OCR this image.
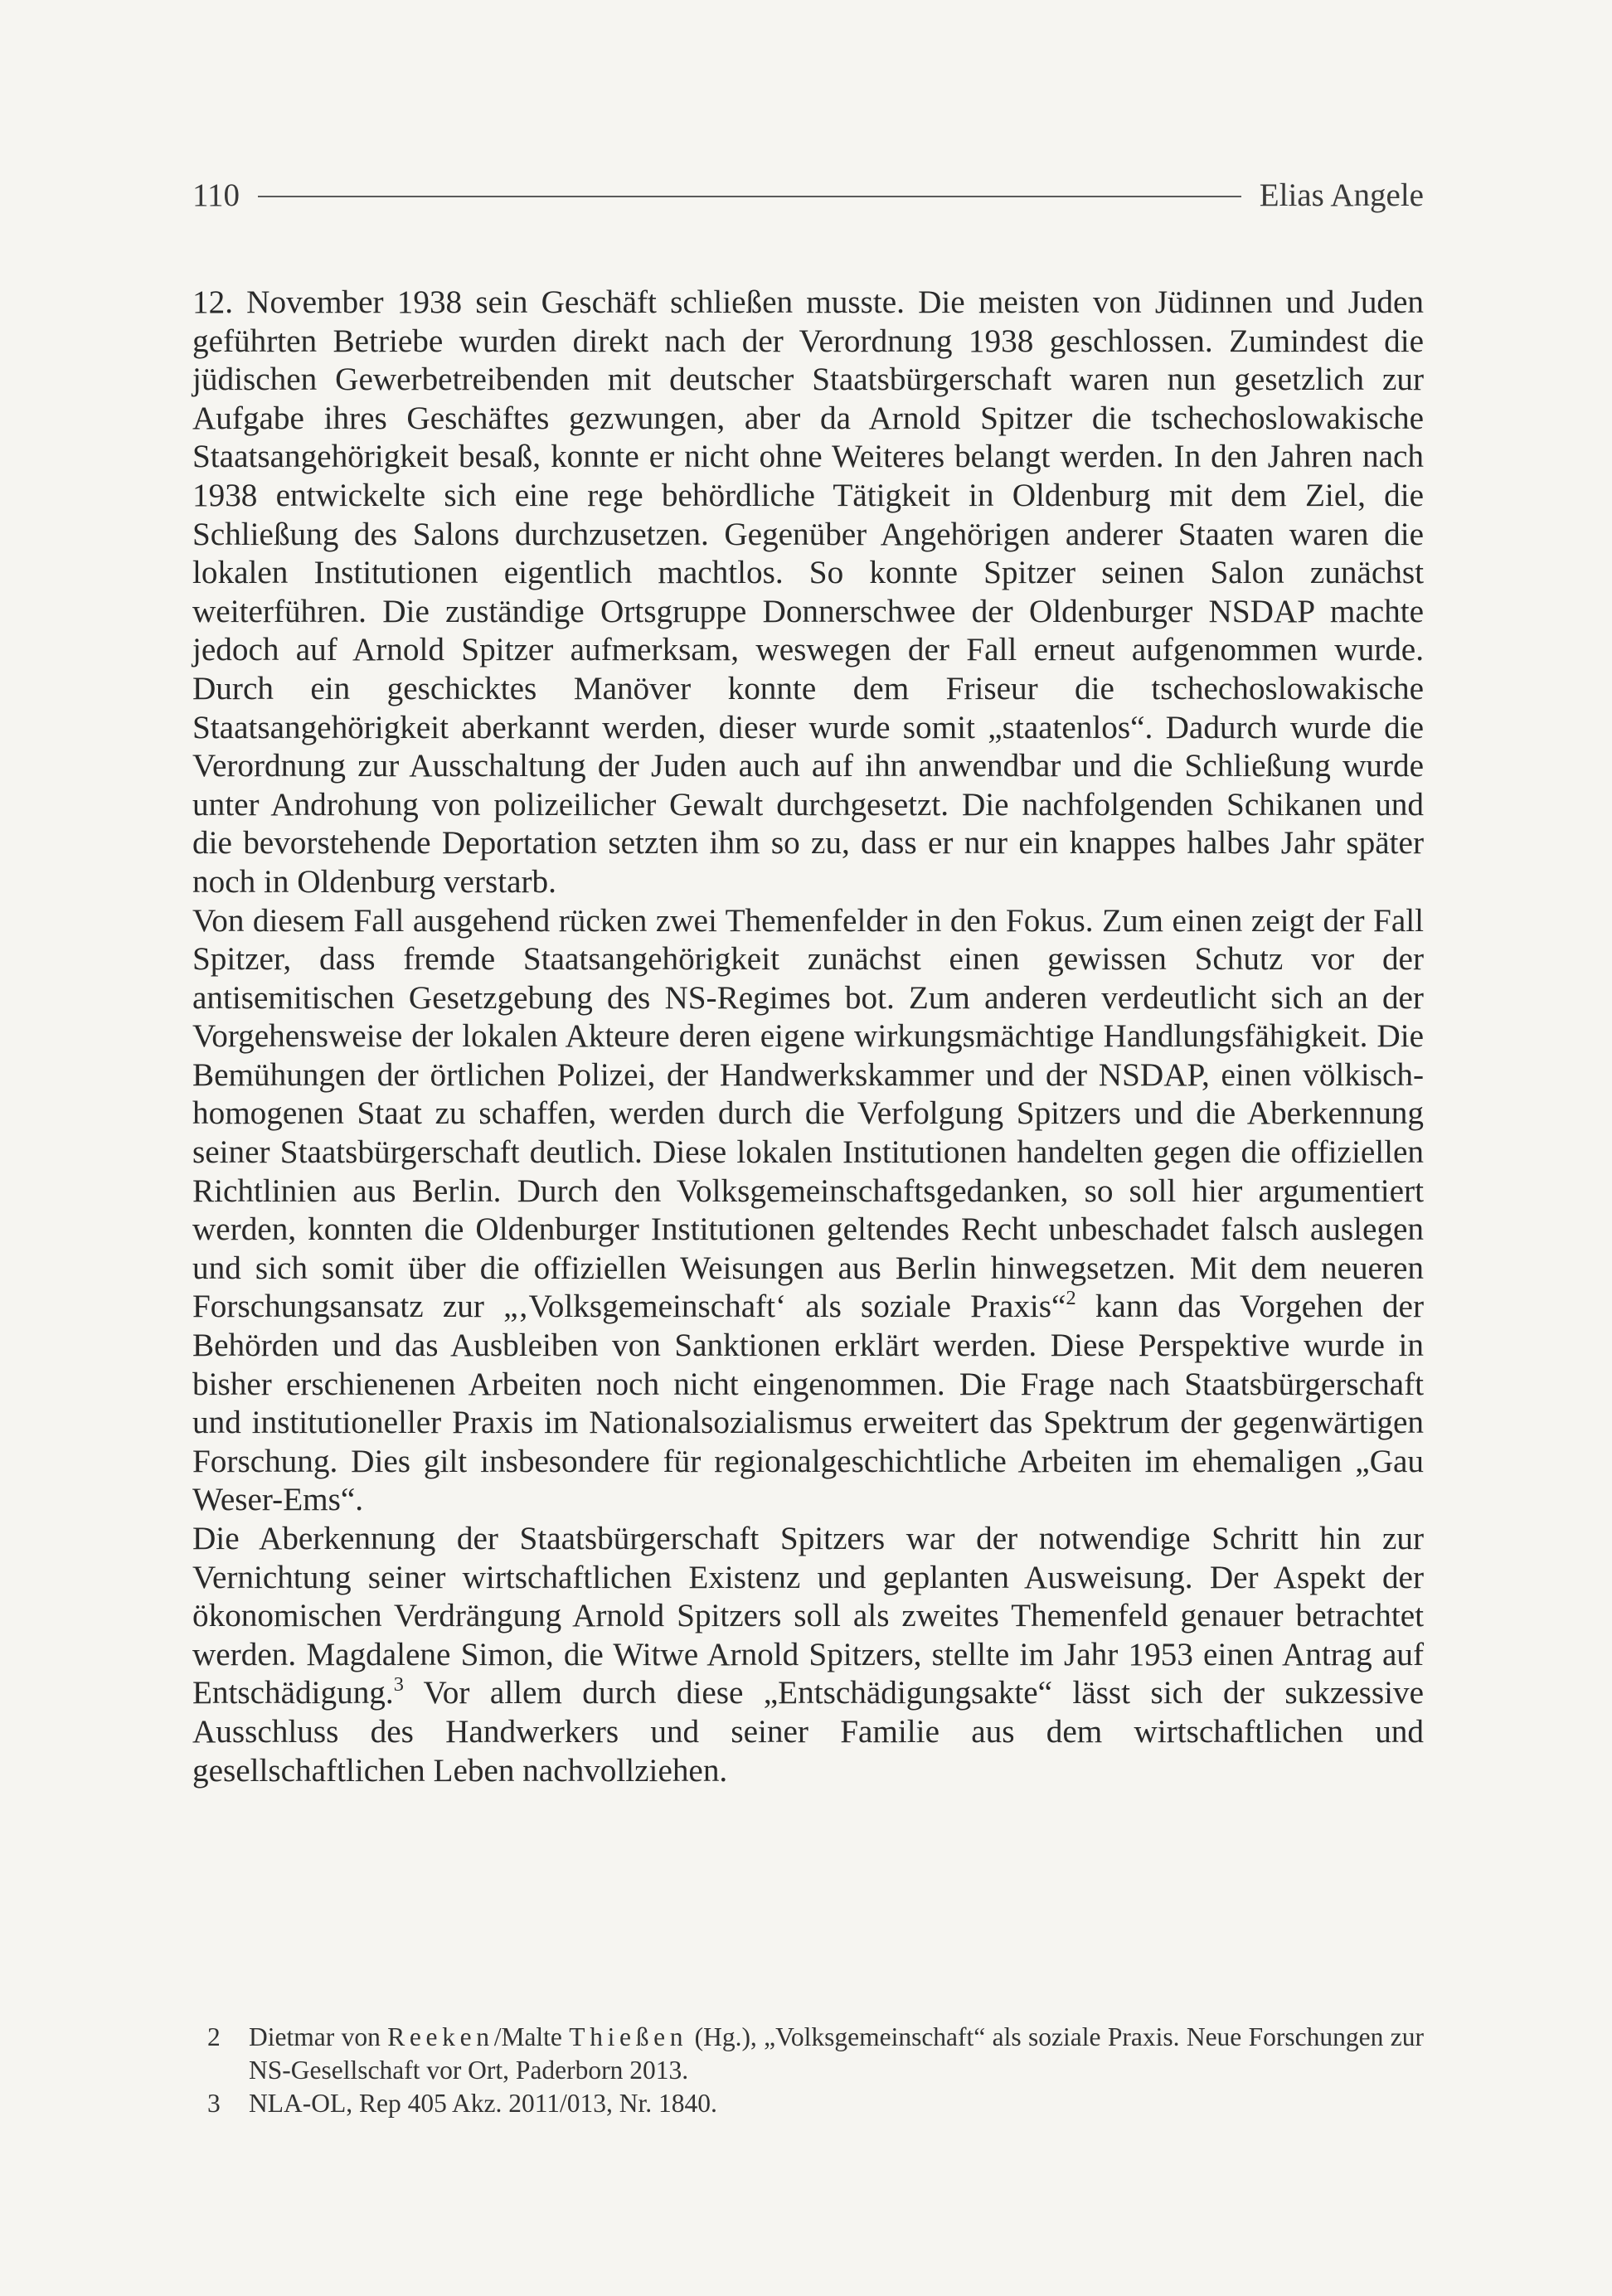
110	Elias Angele

12. November 1938 sein Geschäft schließen musste. Die meisten von Jüdinnen und Juden geführten Betriebe wurden direkt nach der Verordnung 1938 geschlossen. Zumindest die jüdischen Gewerbetreibenden mit deutscher Staatsbürgerschaft waren nun gesetzlich zur Aufgabe ihres Geschäftes gezwungen, aber da Arnold Spitzer die tschechoslowakische Staatsangehörigkeit besaß, konnte er nicht ohne Weiteres belangt werden. In den Jahren nach 1938 entwickelte sich eine rege behördliche Tätigkeit in Oldenburg mit dem Ziel, die Schließung des Salons durchzusetzen. Gegenüber Angehörigen anderer Staaten waren die lokalen Institutionen eigentlich machtlos. So konnte Spitzer seinen Salon zunächst weiterführen. Die zuständige Ortsgruppe Donnerschwee der Oldenburger NSDAP machte jedoch auf Arnold Spitzer aufmerksam, weswegen der Fall erneut aufgenommen wurde. Durch ein geschicktes Manöver konnte dem Friseur die tschechoslowakische Staatsangehörigkeit aberkannt werden, dieser wurde somit „staatenlos“. Dadurch wurde die Verordnung zur Ausschaltung der Juden auch auf ihn anwendbar und die Schließung wurde unter Androhung von polizeilicher Gewalt durchgesetzt. Die nachfolgenden Schikanen und die bevorstehende Deportation setzten ihm so zu, dass er nur ein knappes halbes Jahr später noch in Oldenburg verstarb.

Von diesem Fall ausgehend rücken zwei Themenfelder in den Fokus. Zum einen zeigt der Fall Spitzer, dass fremde Staatsangehörigkeit zunächst einen gewissen Schutz vor der antisemitischen Gesetzgebung des NS-Regimes bot. Zum anderen verdeutlicht sich an der Vorgehensweise der lokalen Akteure deren eigene wirkungsmächtige Handlungsfähigkeit. Die Bemühungen der örtlichen Polizei, der Handwerkskammer und der NSDAP, einen völkisch-homogenen Staat zu schaffen, werden durch die Verfolgung Spitzers und die Aberkennung seiner Staatsbürgerschaft deutlich. Diese lokalen Institutionen handelten gegen die offiziellen Richtlinien aus Berlin. Durch den Volksgemeinschaftsgedanken, so soll hier argumentiert werden, konnten die Oldenburger Institutionen geltendes Recht unbeschadet falsch auslegen und sich somit über die offiziellen Weisungen aus Berlin hinwegsetzen. Mit dem neueren Forschungsansatz zur „‚Volksgemeinschaft‘ als soziale Praxis“$^2$ kann das Vorgehen der Behörden und das Ausbleiben von Sanktionen erklärt werden. Diese Perspektive wurde in bisher erschienenen Arbeiten noch nicht eingenommen. Die Frage nach Staatsbürgerschaft und institutioneller Praxis im Nationalsozialismus erweitert das Spektrum der gegenwärtigen Forschung. Dies gilt insbesondere für regionalgeschichtliche Arbeiten im ehemaligen „Gau Weser-Ems“.

Die Aberkennung der Staatsbürgerschaft Spitzers war der notwendige Schritt hin zur Vernichtung seiner wirtschaftlichen Existenz und geplanten Ausweisung. Der Aspekt der ökonomischen Verdrängung Arnold Spitzers soll als zweites Themenfeld genauer betrachtet werden. Magdalene Simon, die Witwe Arnold Spitzers, stellte im Jahr 1953 einen Antrag auf Entschädigung.$^3$ Vor allem durch diese „Entschädigungsakte“ lässt sich der sukzessive Ausschluss des Handwerkers und seiner Familie aus dem wirtschaftlichen und gesellschaftlichen Leben nachvollziehen.

2	Dietmar von Reeken/Malte Thießen (Hg.), „Volksgemeinschaft“ als soziale Praxis. Neue Forschungen zur NS-Gesellschaft vor Ort, Paderborn 2013.
3	NLA-OL, Rep 405 Akz. 2011/013, Nr. 1840.
